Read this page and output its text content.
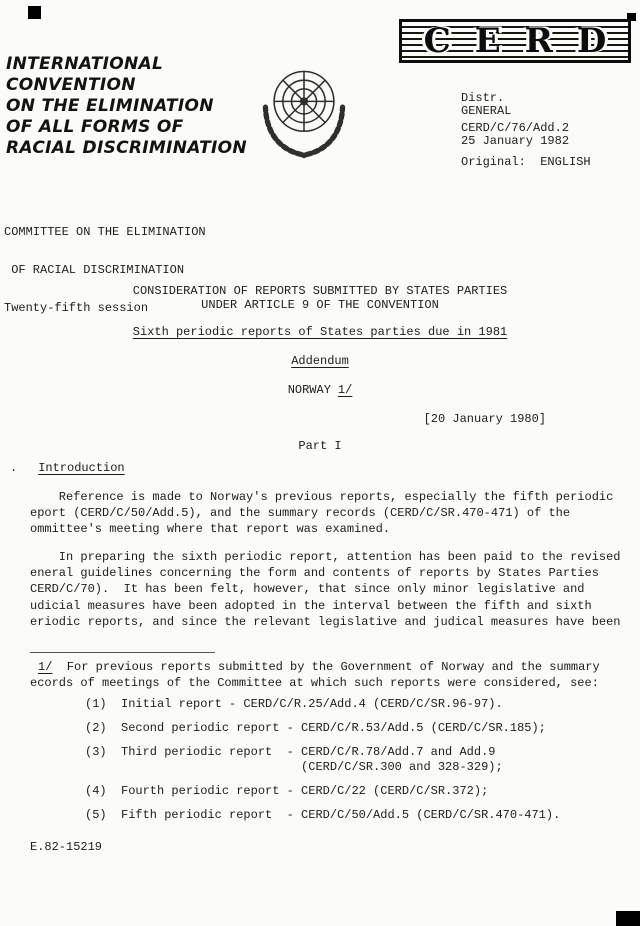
CERD
INTERNATIONAL
CONVENTION
ON THE ELIMINATION
OF ALL FORMS OF
RACIAL DISCRIMINATION
Distr.
GENERAL
CERD/C/76/Add.2
25 January 1982
Original:  ENGLISH

COMMITTEE ON THE ELIMINATION

OF RACIAL DISCRIMINATION

Twenty-fifth session

CONSIDERATION OF REPORTS SUBMITTED BY STATES PARTIES
UNDER ARTICLE 9 OF THE CONVENTION
Sixth periodic reports of States parties due in 1981
Addendum
NORWAY 1/
[20 January 1980]
Part I
. Introduction
Reference is made to Norway's previous reports, especially the fifth periodic
eport (CERD/C/50/Add.5), and the summary records (CERD/C/SR.470-471) of the
ommittee's meeting where that report was examined.
In preparing the sixth periodic report, attention has been paid to the revised
eneral guidelines concerning the form and contents of reports by States Parties
CERD/C/70).  It has been felt, however, that since only minor legislative and
udicial measures have been adopted in the interval between the fifth and sixth
eriodic reports, and since the relevant legislative and judical measures have been
1/  For previous reports submitted by the Government of Norway and the summary
ecords of meetings of the Committee at which such reports were considered, see:
(1)  Initial report - CERD/C/R.25/Add.4 (CERD/C/SR.96-97).
(2)  Second periodic report - CERD/C/R.53/Add.5 (CERD/C/SR.185);
(3)  Third periodic report  - CERD/C/R.78/Add.7 and Add.9
(CERD/C/SR.300 and 328-329);
(4)  Fourth periodic report - CERD/C/22 (CERD/C/SR.372);
(5)  Fifth periodic report  - CERD/C/50/Add.5 (CERD/C/SR.470-471).
E.82-15219
